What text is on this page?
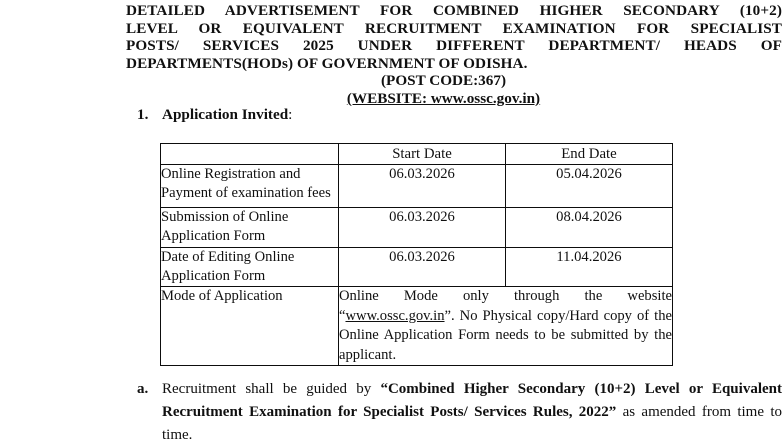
DETAILED ADVERTISEMENT FOR COMBINED HIGHER SECONDARY (10+2)
LEVEL OR EQUIVALENT RECRUITMENT EXAMINATION FOR SPECIALIST
POSTS/ SERVICES 2025 UNDER DIFFERENT DEPARTMENT/ HEADS OF
DEPARTMENTS(HODs) OF GOVERNMENT OF ODISHA.
(POST CODE:367)
(WEBSITE: www.ossc.gov.in)
1. Application Invited:
	Start Date	End Date
Online Registration and Payment of examination fees	06.03.2026	05.04.2026
Submission of Online Application Form	06.03.2026	08.04.2026
Date of Editing Online Application Form	06.03.2026	11.04.2026
Mode of Application	Online Mode only through the website “www.ossc.gov.in”. No Physical copy/Hard copy of the Online Application Form needs to be submitted by the applicant.	
a. Recruitment shall be guided by “Combined Higher Secondary (10+2) Level or Equivalent Recruitment Examination for Specialist Posts/ Services Rules, 2022” as amended from time to time.
